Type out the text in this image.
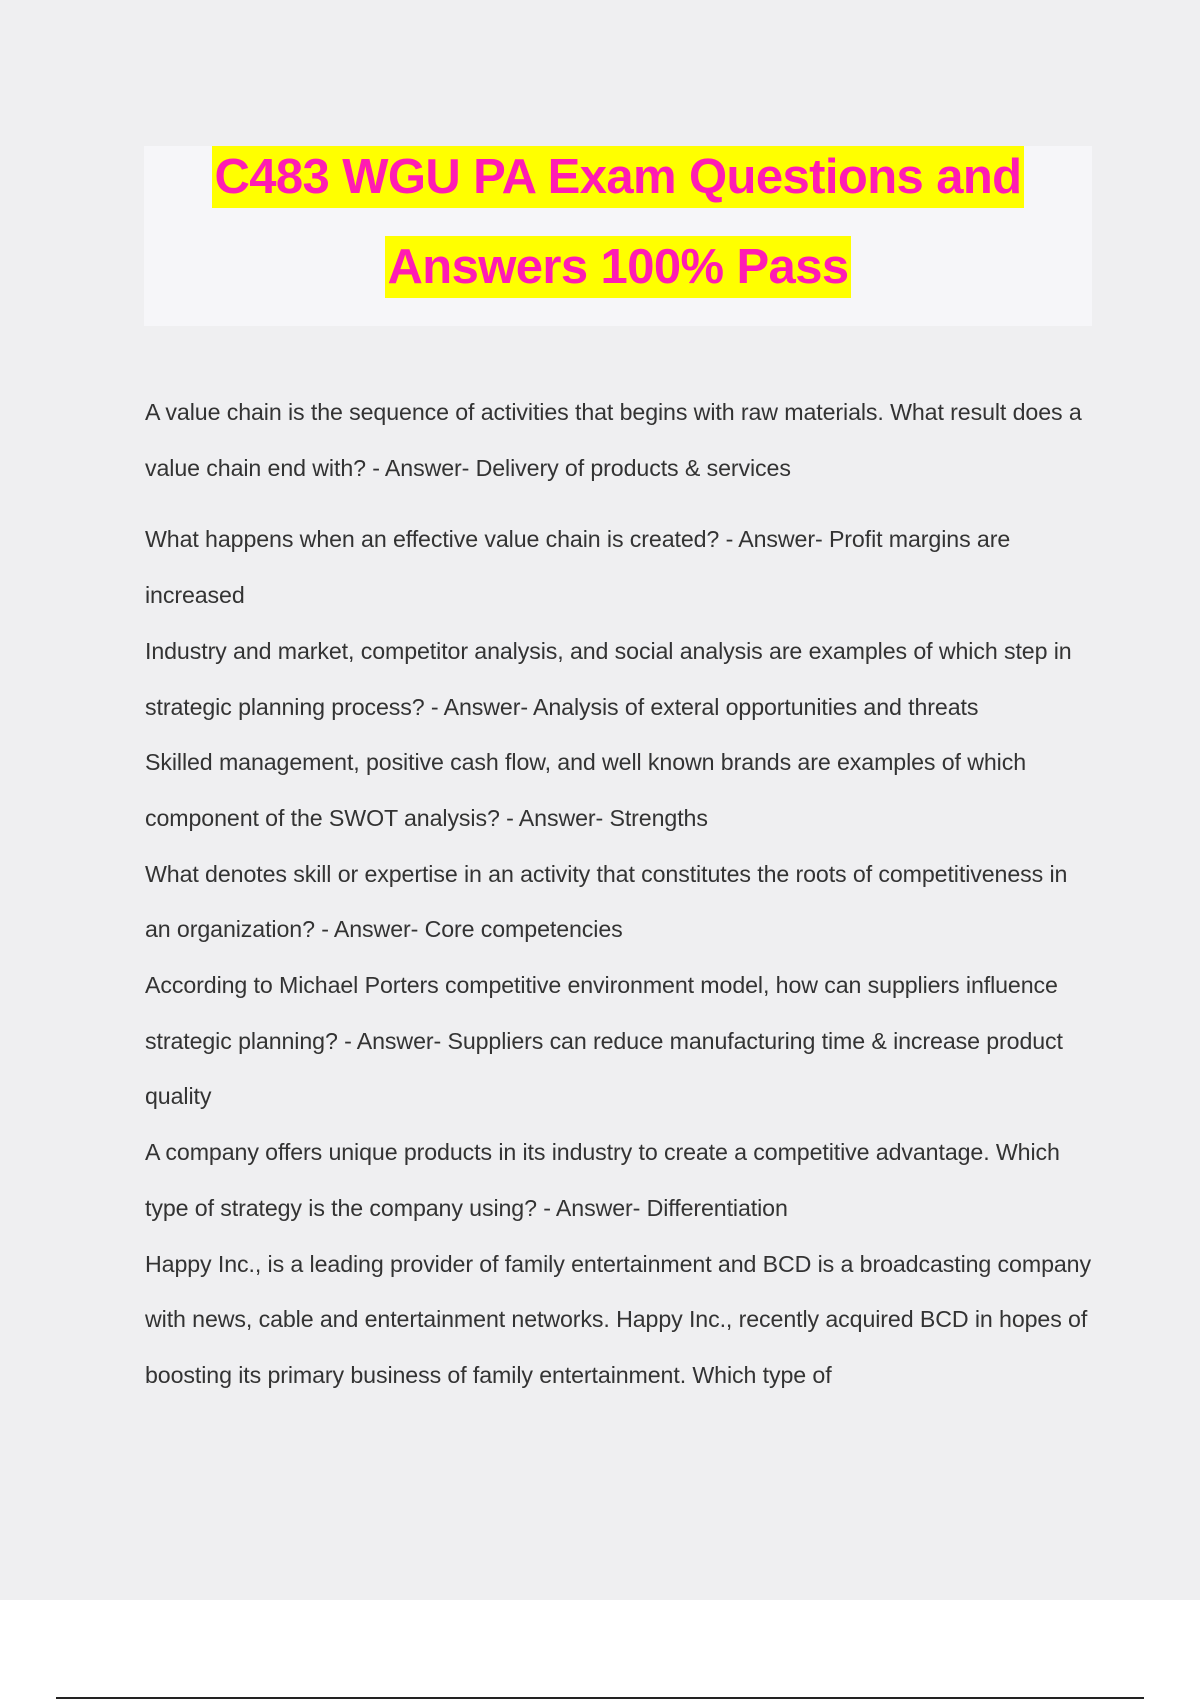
C483 WGU PA Exam Questions and
Answers 100% Pass

A value chain is the sequence of activities that begins with raw materials. What result does a value chain end with? - Answer- Delivery of products & services

What happens when an effective value chain is created? - Answer- Profit margins are increased

Industry and market, competitor analysis, and social analysis are examples of which step in strategic planning process? - Answer- Analysis of exteral opportunities and threats

Skilled management, positive cash flow, and well known brands are examples of which component of the SWOT analysis? - Answer- Strengths

What denotes skill or expertise in an activity that constitutes the roots of competitiveness in an organization? - Answer- Core competencies

According to Michael Porters competitive environment model, how can suppliers influence strategic planning? - Answer- Suppliers can reduce manufacturing time & increase product quality

A company offers unique products in its industry to create a competitive advantage. Which type of strategy is the company using? - Answer- Differentiation

Happy Inc., is a leading provider of family entertainment and BCD is a broadcasting company with news, cable and entertainment networks. Happy Inc., recently acquired BCD in hopes of boosting its primary business of family entertainment. Which type of
